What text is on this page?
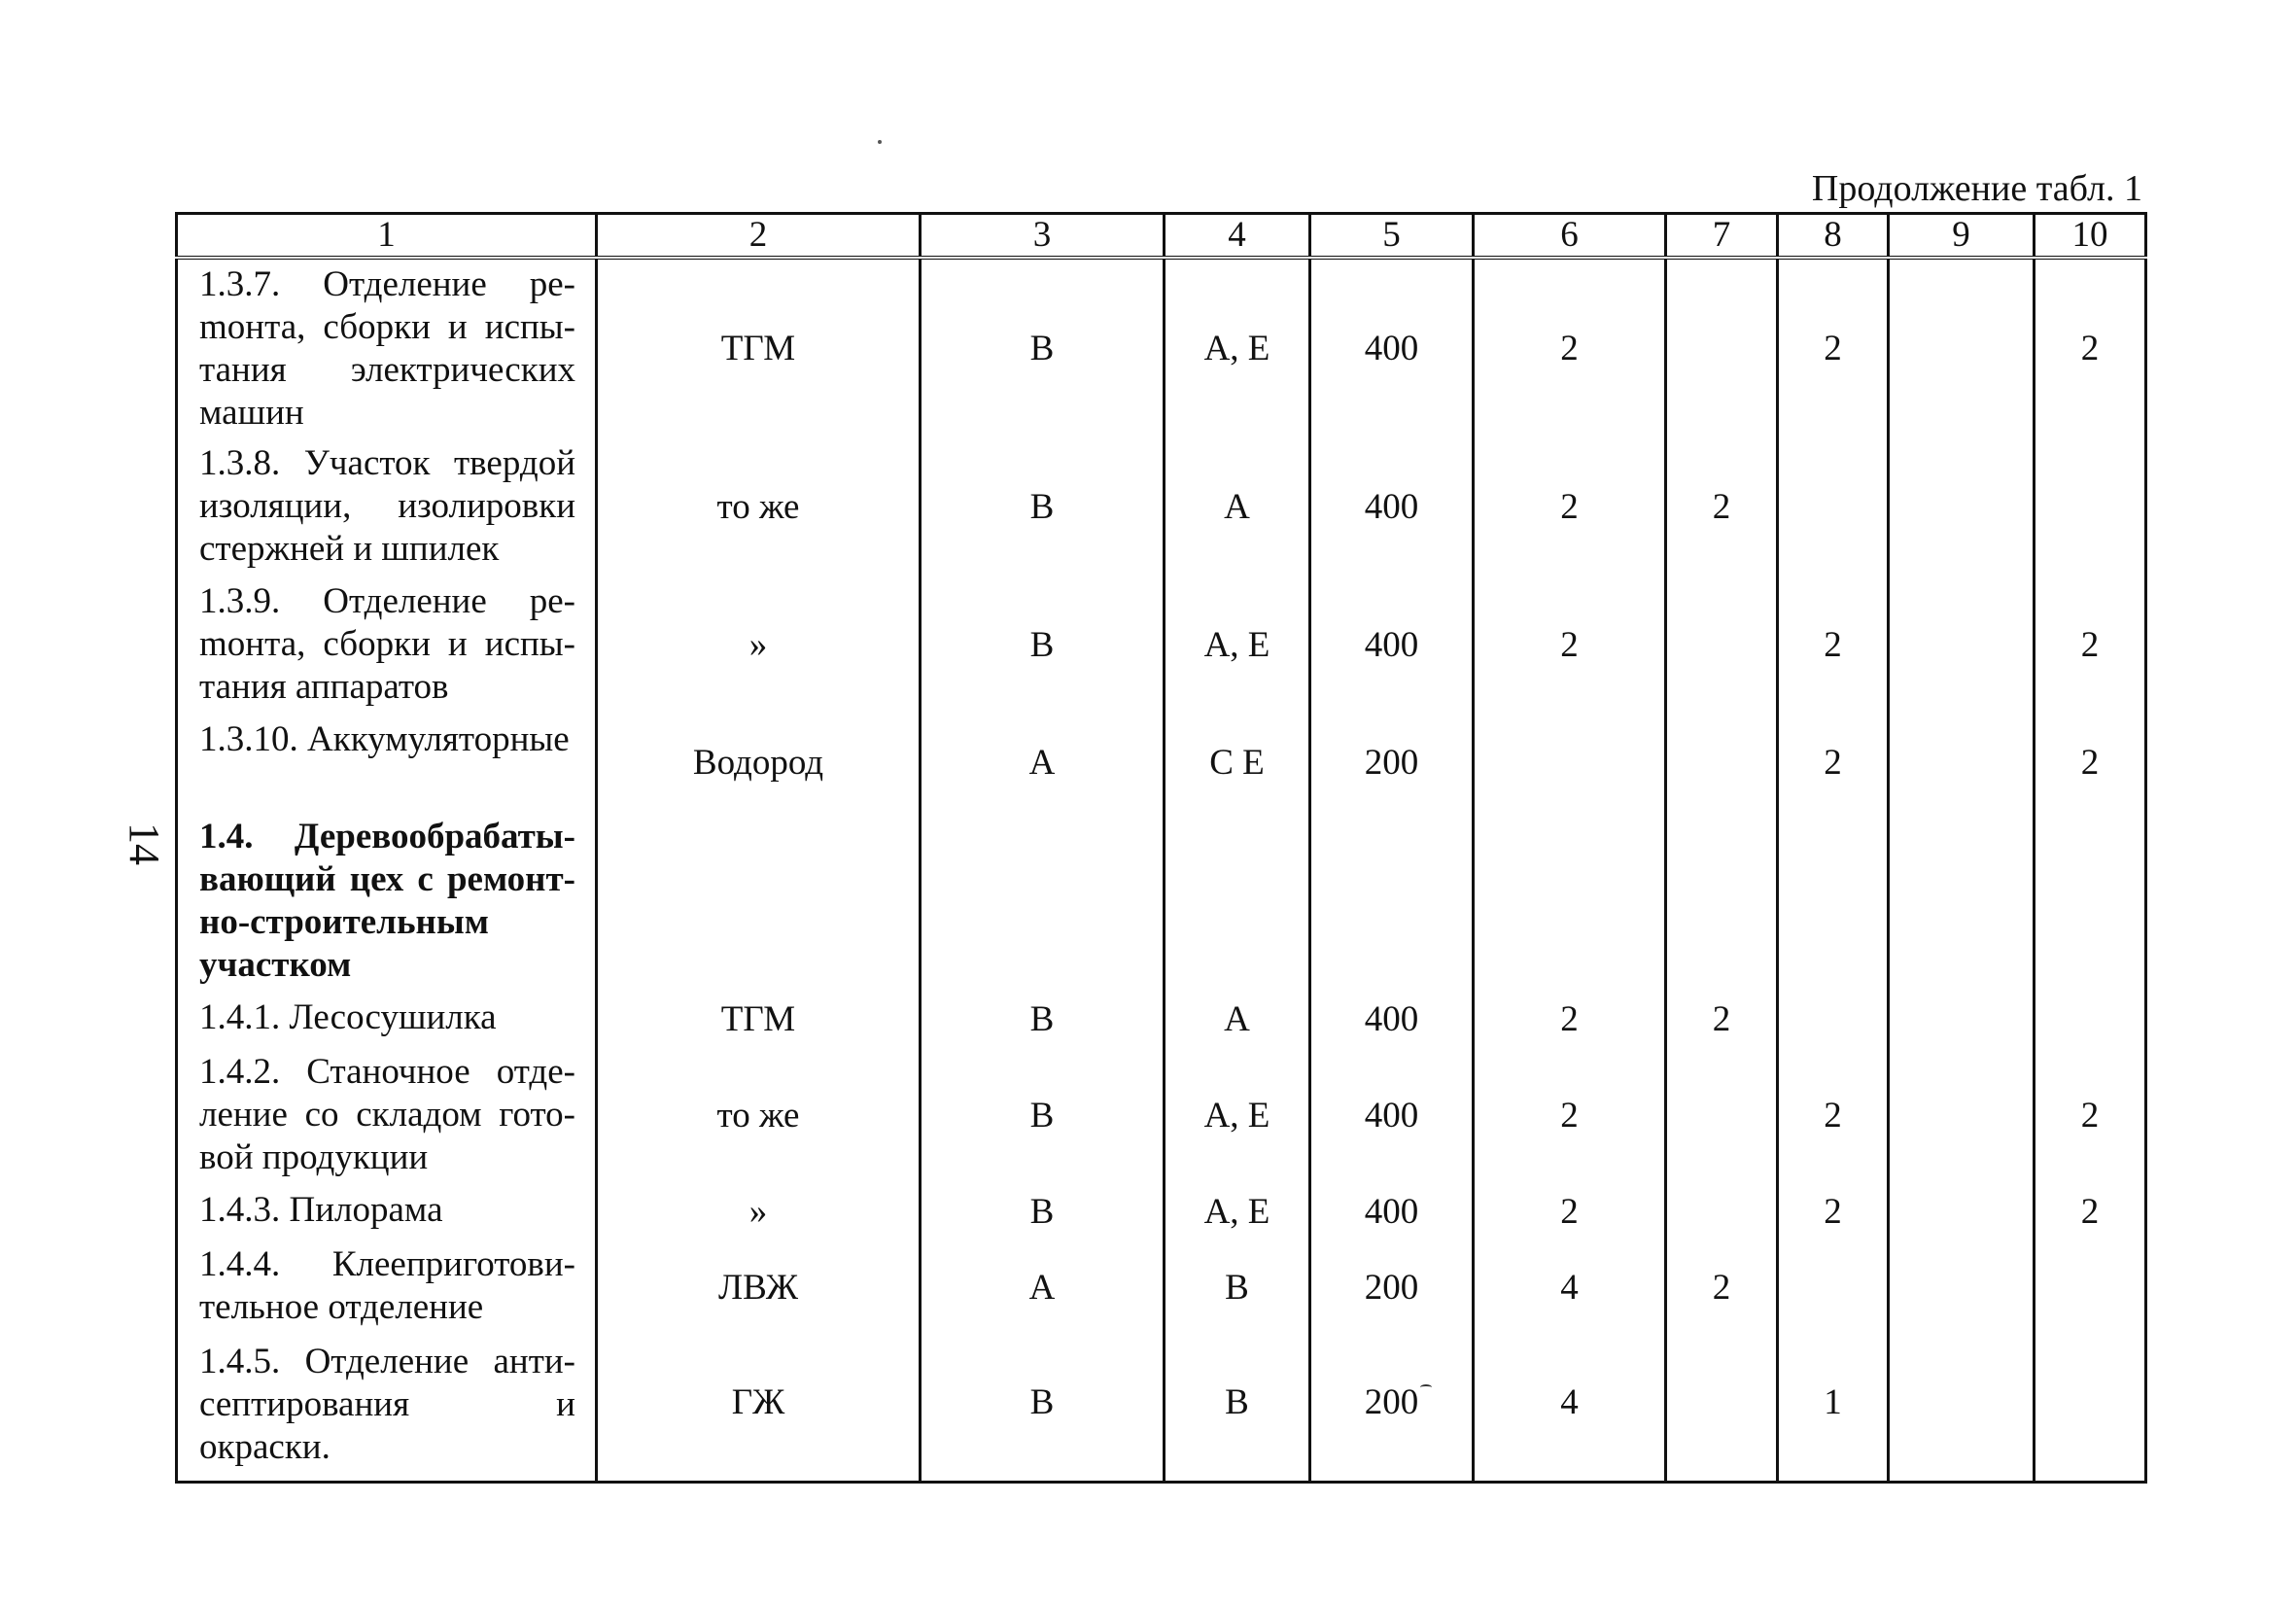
Продолжение табл. 1
14
1	2	3	4	5	6	7	8	9	10
1.3.7. Отделение реmонта, сборки и испытания электрических машин	ТГМ	В	А, Е	400	2		2		2
1.3.8. Участок твердой изоляции, изолировки стержней и шпилек	то же	В	А	400	2	2			
1.3.9. Отделение реmонта, сборки и испытания аппаратов	»	В	А, Е	400	2		2		2
1.3.10. Аккумуляторные	Водород	А	С Е	200			2		2
1.4. Деревообрабатывающий цех с ремонтно-строительным участком									
1.4.1. Лесосушилка	ТГМ	В	А	400	2	2			
1.4.2. Станочное отделение со складом готовой продукции	то же	В	А, Е	400	2		2		2
1.4.3. Пилорама	»	В	А, Е	400	2		2		2
1.4.4. Клееприготовительное отделение	ЛВЖ	А	В	200	4	2			
1.4.5. Отделение антисептирования и окраски.	ГЖ	В	В	200	4		1		
